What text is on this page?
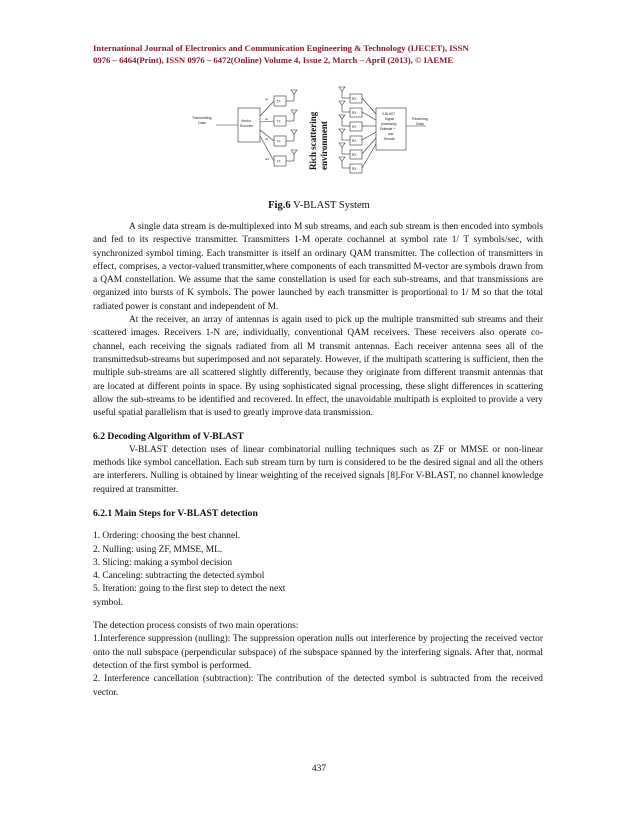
International Journal of Electronics and Communication Engineering & Technology (IJECET), ISSN
0976 – 6464(Print), ISSN 0976 – 6472(Online) Volume 4, Issue 2, March – April (2013), © IAEME
a1
a2
a3
aM
Transmitting
Data	Vector
Encoder
TX
TX
TX
TX
RX
RX
RX
RX
RX
RX
V-BLAST
Signal
processing
Estimate +
and
Decode
Receiving
Data
Rich scattering environment
Fig.6 V-BLAST System

A single data stream is de-multiplexed into M sub streams, and each sub stream is then encoded into symbols and fed to its respective transmitter. Transmitters 1-M operate cochannel at symbol rate 1/ T symbols/sec, with synchronized symbol timing. Each transmitter is itself an ordinary QAM transmitter. The collection of transmitters in effect, comprises, a vector-valued transmitter,where components of each transmitted M-vector are symbols drawn from a QAM constellation. We assume that the same constellation is used for each sub-streams, and that transmissions are organized into bursts of K symbols. The power launched by each transmitter is proportional to 1/ M so that the total radiated power is constant and independent of M.

At the receiver, an array of antennas is again used to pick up the multiple transmitted sub streams and their scattered images. Receivers 1-N are, individually, conventional QAM receivers. These receivers also operate co-channel, each receiving the signals radiated from all M transmit antennas. Each receiver antenna sees all of the transmittedsub-streams but superimposed and not separately. However, if the multipath scattering is sufficient, then the multiple sub-streams are all scattered slightly differently, because they originate from different transmit antennas that are located at different points in space. By using sophisticated signal processing, these slight differences in scattering allow the sub-streams to be identified and recovered. In effect, the unavoidable multipath is exploited to provide a very useful spatial parallelism that is used to greatly improve data transmission.

6.2 Decoding Algorithm of V-BLAST

V-BLAST detection uses of linear combinatorial nulling techniques such as ZF or MMSE or non-linear methods like symbol cancellation. Each sub stream turn by turn is considered to be the desired signal and all the others are interferers. Nulling is obtained by linear weighting of the received signals [8].For V-BLAST, no channel knowledge required at transmitter.

6.2.1 Main Steps for V-BLAST detection
1. Ordering: choosing the best channel.
2. Nulling: using ZF, MMSE, ML.
3. Slicing: making a symbol decision
4. Canceling: subtracting the detected symbol
5. Iteration: going to the first step to detect the next
symbol.

The detection process consists of two main operations:

1.Interference suppression (nulling): The suppression operation nulls out interference by projecting the received vector onto the null subspace (perpendicular subspace) of the subspace spanned by the interfering signals. After that, normal detection of the first symbol is performed.

2. Interference cancellation (subtraction): The contribution of the detected symbol is subtracted from the received vector.

437
